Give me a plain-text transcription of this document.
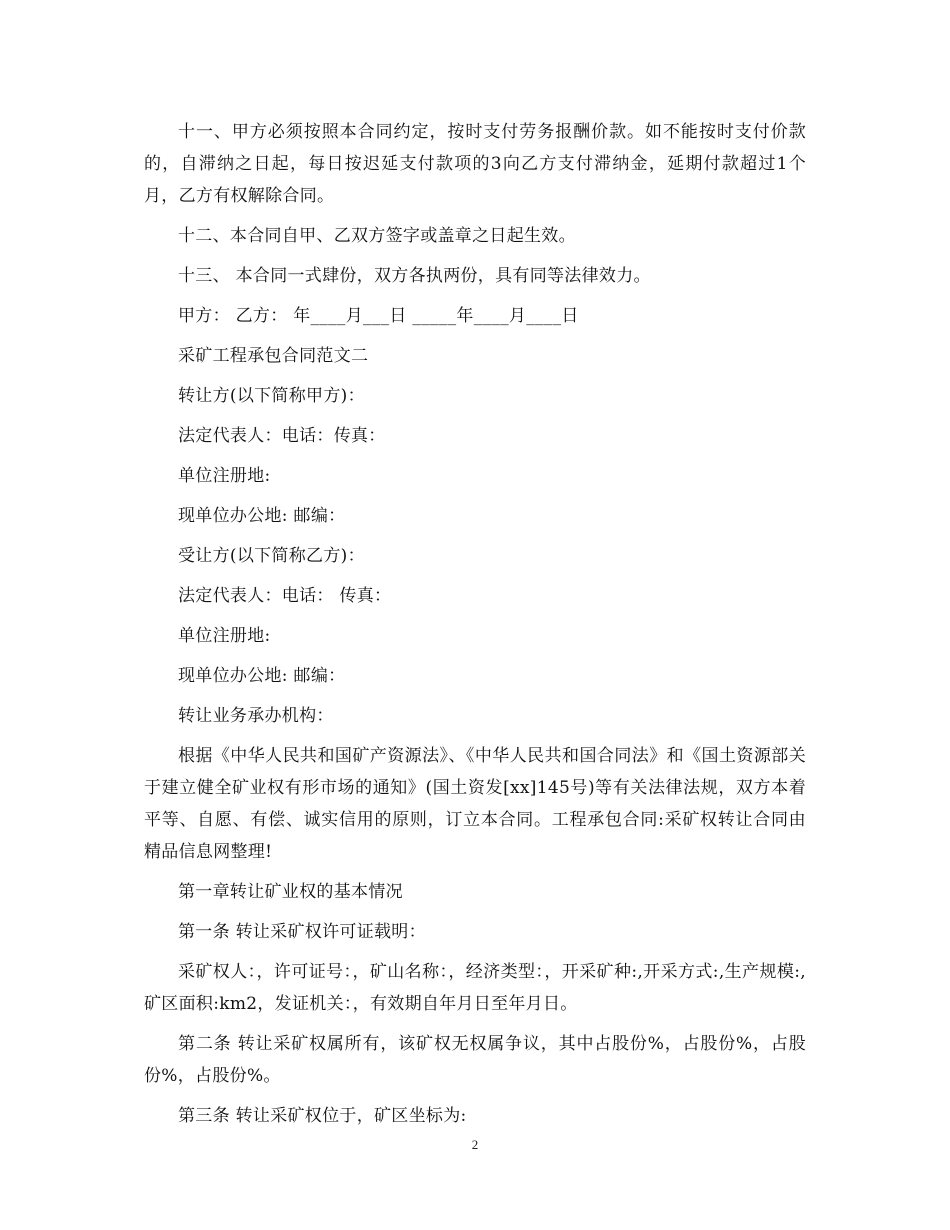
十一、甲方必须按照本合同约定，按时支付劳务报酬价款。如不能按时支付价款的，自滞纳之日起，每日按迟延支付款项的3向乙方支付滞纳金，延期付款超过1个月，乙方有权解除合同。

十二、本合同自甲、乙双方签字或盖章之日起生效。

十三、 本合同一式肆份，双方各执两份，具有同等法律效力。

甲方： 乙方： 年____月___日 _____年____月____日

采矿工程承包合同范文二

转让方(以下简称甲方)：

法定代表人：电话：传真：

单位注册地:

现单位办公地: 邮编：

受让方(以下简称乙方)：

法定代表人：电话： 传真：

单位注册地:

现单位办公地: 邮编：

转让业务承办机构：

根据《中华人民共和国矿产资源法》、《中华人民共和国合同法》和《国土资源部关于建立健全矿业权有形市场的通知》(国土资发[xx]145号)等有关法律法规，双方本着平等、自愿、有偿、诚实信用的原则，订立本合同。工程承包合同:采矿权转让合同由精品信息网整理!

第一章转让矿业权的基本情况

第一条 转让采矿权许可证载明：

采矿权人：，许可证号：，矿山名称：，经济类型：，开采矿种:,开采方式:,生产规模:,矿区面积:km2，发证机关：，有效期自年月日至年月日。

第二条 转让采矿权属所有，该矿权无权属争议，其中占股份%，占股份%，占股份%，占股份%。

第三条 转让采矿权位于，矿区坐标为:

2
